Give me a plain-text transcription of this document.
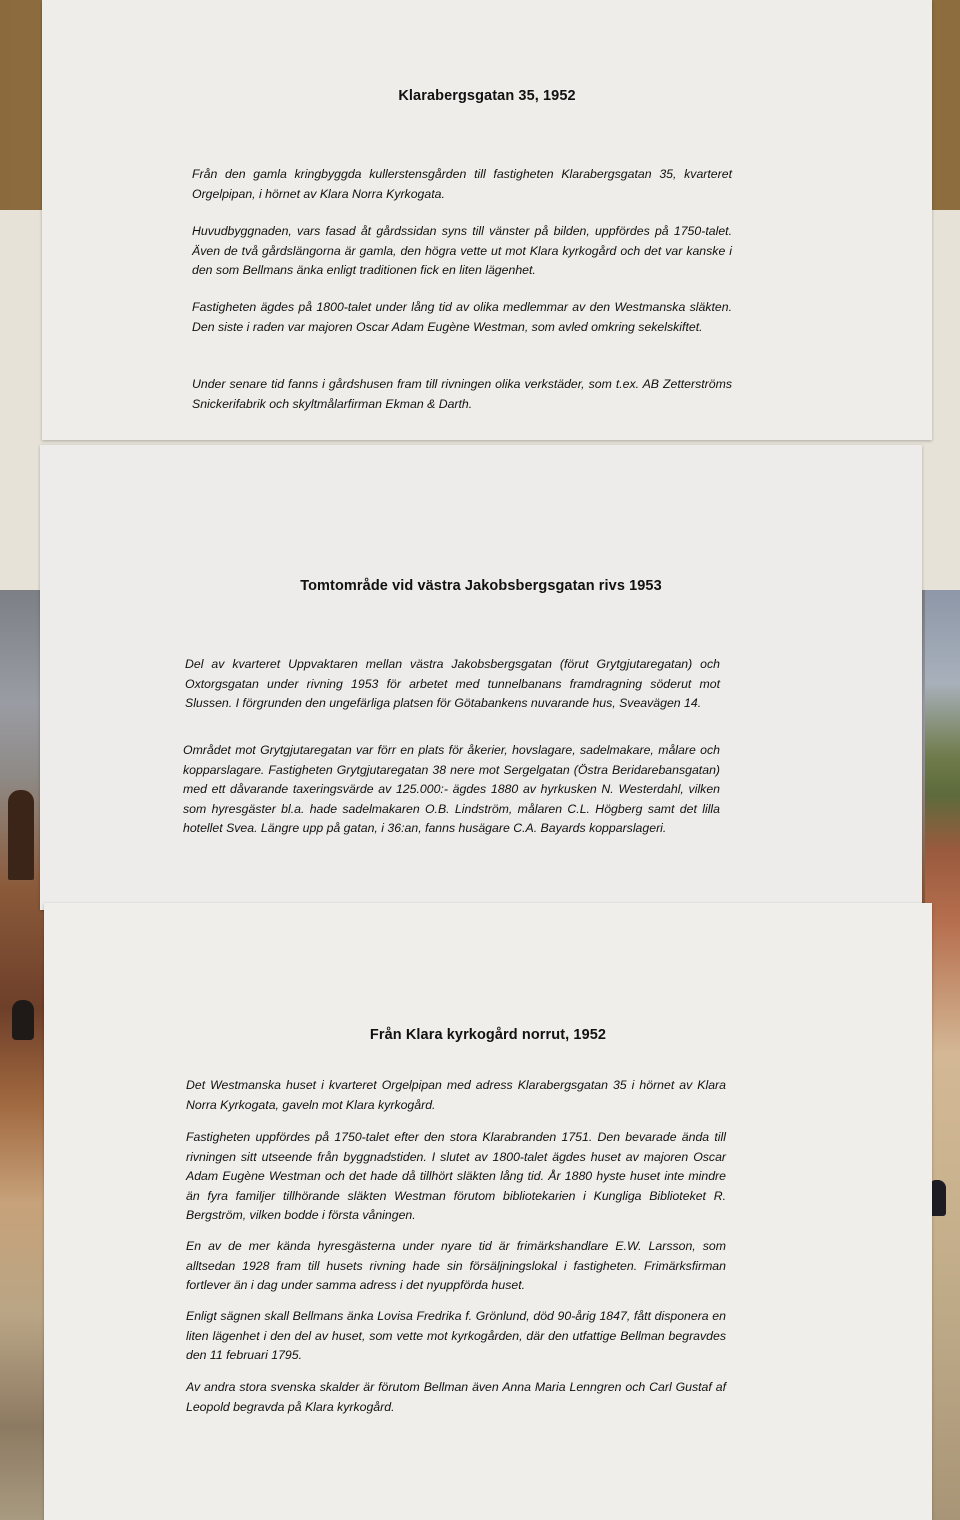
Klarabergsgatan 35, 1952
Från den gamla kringbyggda kullerstensgården till fastigheten Klarabergsgatan 35, kvarteret Orgelpipan, i hörnet av Klara Norra Kyrkogata.
Huvudbyggnaden, vars fasad åt gårdssidan syns till vänster på bilden, uppfördes på 1750-talet. Även de två gårdslängorna är gamla, den högra vette ut mot Klara kyrkogård och det var kanske i den som Bellmans änka enligt traditionen fick en liten lägenhet.
Fastigheten ägdes på 1800-talet under lång tid av olika medlemmar av den Westmanska släkten. Den siste i raden var majoren Oscar Adam Eugène Westman, som avled omkring sekelskiftet.
Under senare tid fanns i gårdshusen fram till rivningen olika verkstäder, som t.ex. AB Zetterströms Snickerifabrik och skyltmålarfirman Ekman & Darth.
Tomtområde vid västra Jakobsbergsgatan rivs 1953
Del av kvarteret Uppvaktaren mellan västra Jakobsbergsgatan (förut Grytgjutaregatan) och Oxtorgsgatan under rivning 1953 för arbetet med tunnelbanans framdragning söderut mot Slussen. I förgrunden den ungefärliga platsen för Götabankens nuvarande hus, Sveavägen 14.
Området mot Grytgjutaregatan var förr en plats för åkerier, hovslagare, sadelmakare, målare och kopparslagare. Fastigheten Grytgjutaregatan 38 nere mot Sergelgatan (Östra Beridarebansgatan) med ett dåvarande taxeringsvärde av 125.000:- ägdes 1880 av hyrkusken N. Westerdahl, vilken som hyresgäster bl.a. hade sadelmakaren O.B. Lindström, målaren C.L. Högberg samt det lilla hotellet Svea. Längre upp på gatan, i 36:an, fanns husägare C.A. Bayards kopparslageri.
Från Klara kyrkogård norrut, 1952
Det Westmanska huset i kvarteret Orgelpipan med adress Klarabergsgatan 35 i hörnet av Klara Norra Kyrkogata, gaveln mot Klara kyrkogård.
Fastigheten uppfördes på 1750-talet efter den stora Klarabranden 1751. Den bevarade ända till rivningen sitt utseende från byggnadstiden. I slutet av 1800-talet ägdes huset av majoren Oscar Adam Eugène Westman och det hade då tillhört släkten lång tid. År 1880 hyste huset inte mindre än fyra familjer tillhörande släkten Westman förutom bibliotekarien i Kungliga Biblioteket R. Bergström, vilken bodde i första våningen.
En av de mer kända hyresgästerna under nyare tid är frimärkshandlare E.W. Larsson, som alltsedan 1928 fram till husets rivning hade sin försäljningslokal i fastigheten. Frimärksfirman fortlever än i dag under samma adress i det nyuppförda huset.
Enligt sägnen skall Bellmans änka Lovisa Fredrika f. Grönlund, död 90-årig 1847, fått disponera en liten lägenhet i den del av huset, som vette mot kyrkogården, där den utfattige Bellman begravdes den 11 februari 1795.
Av andra stora svenska skalder är förutom Bellman även Anna Maria Lenngren och Carl Gustaf af Leopold begravda på Klara kyrkogård.
